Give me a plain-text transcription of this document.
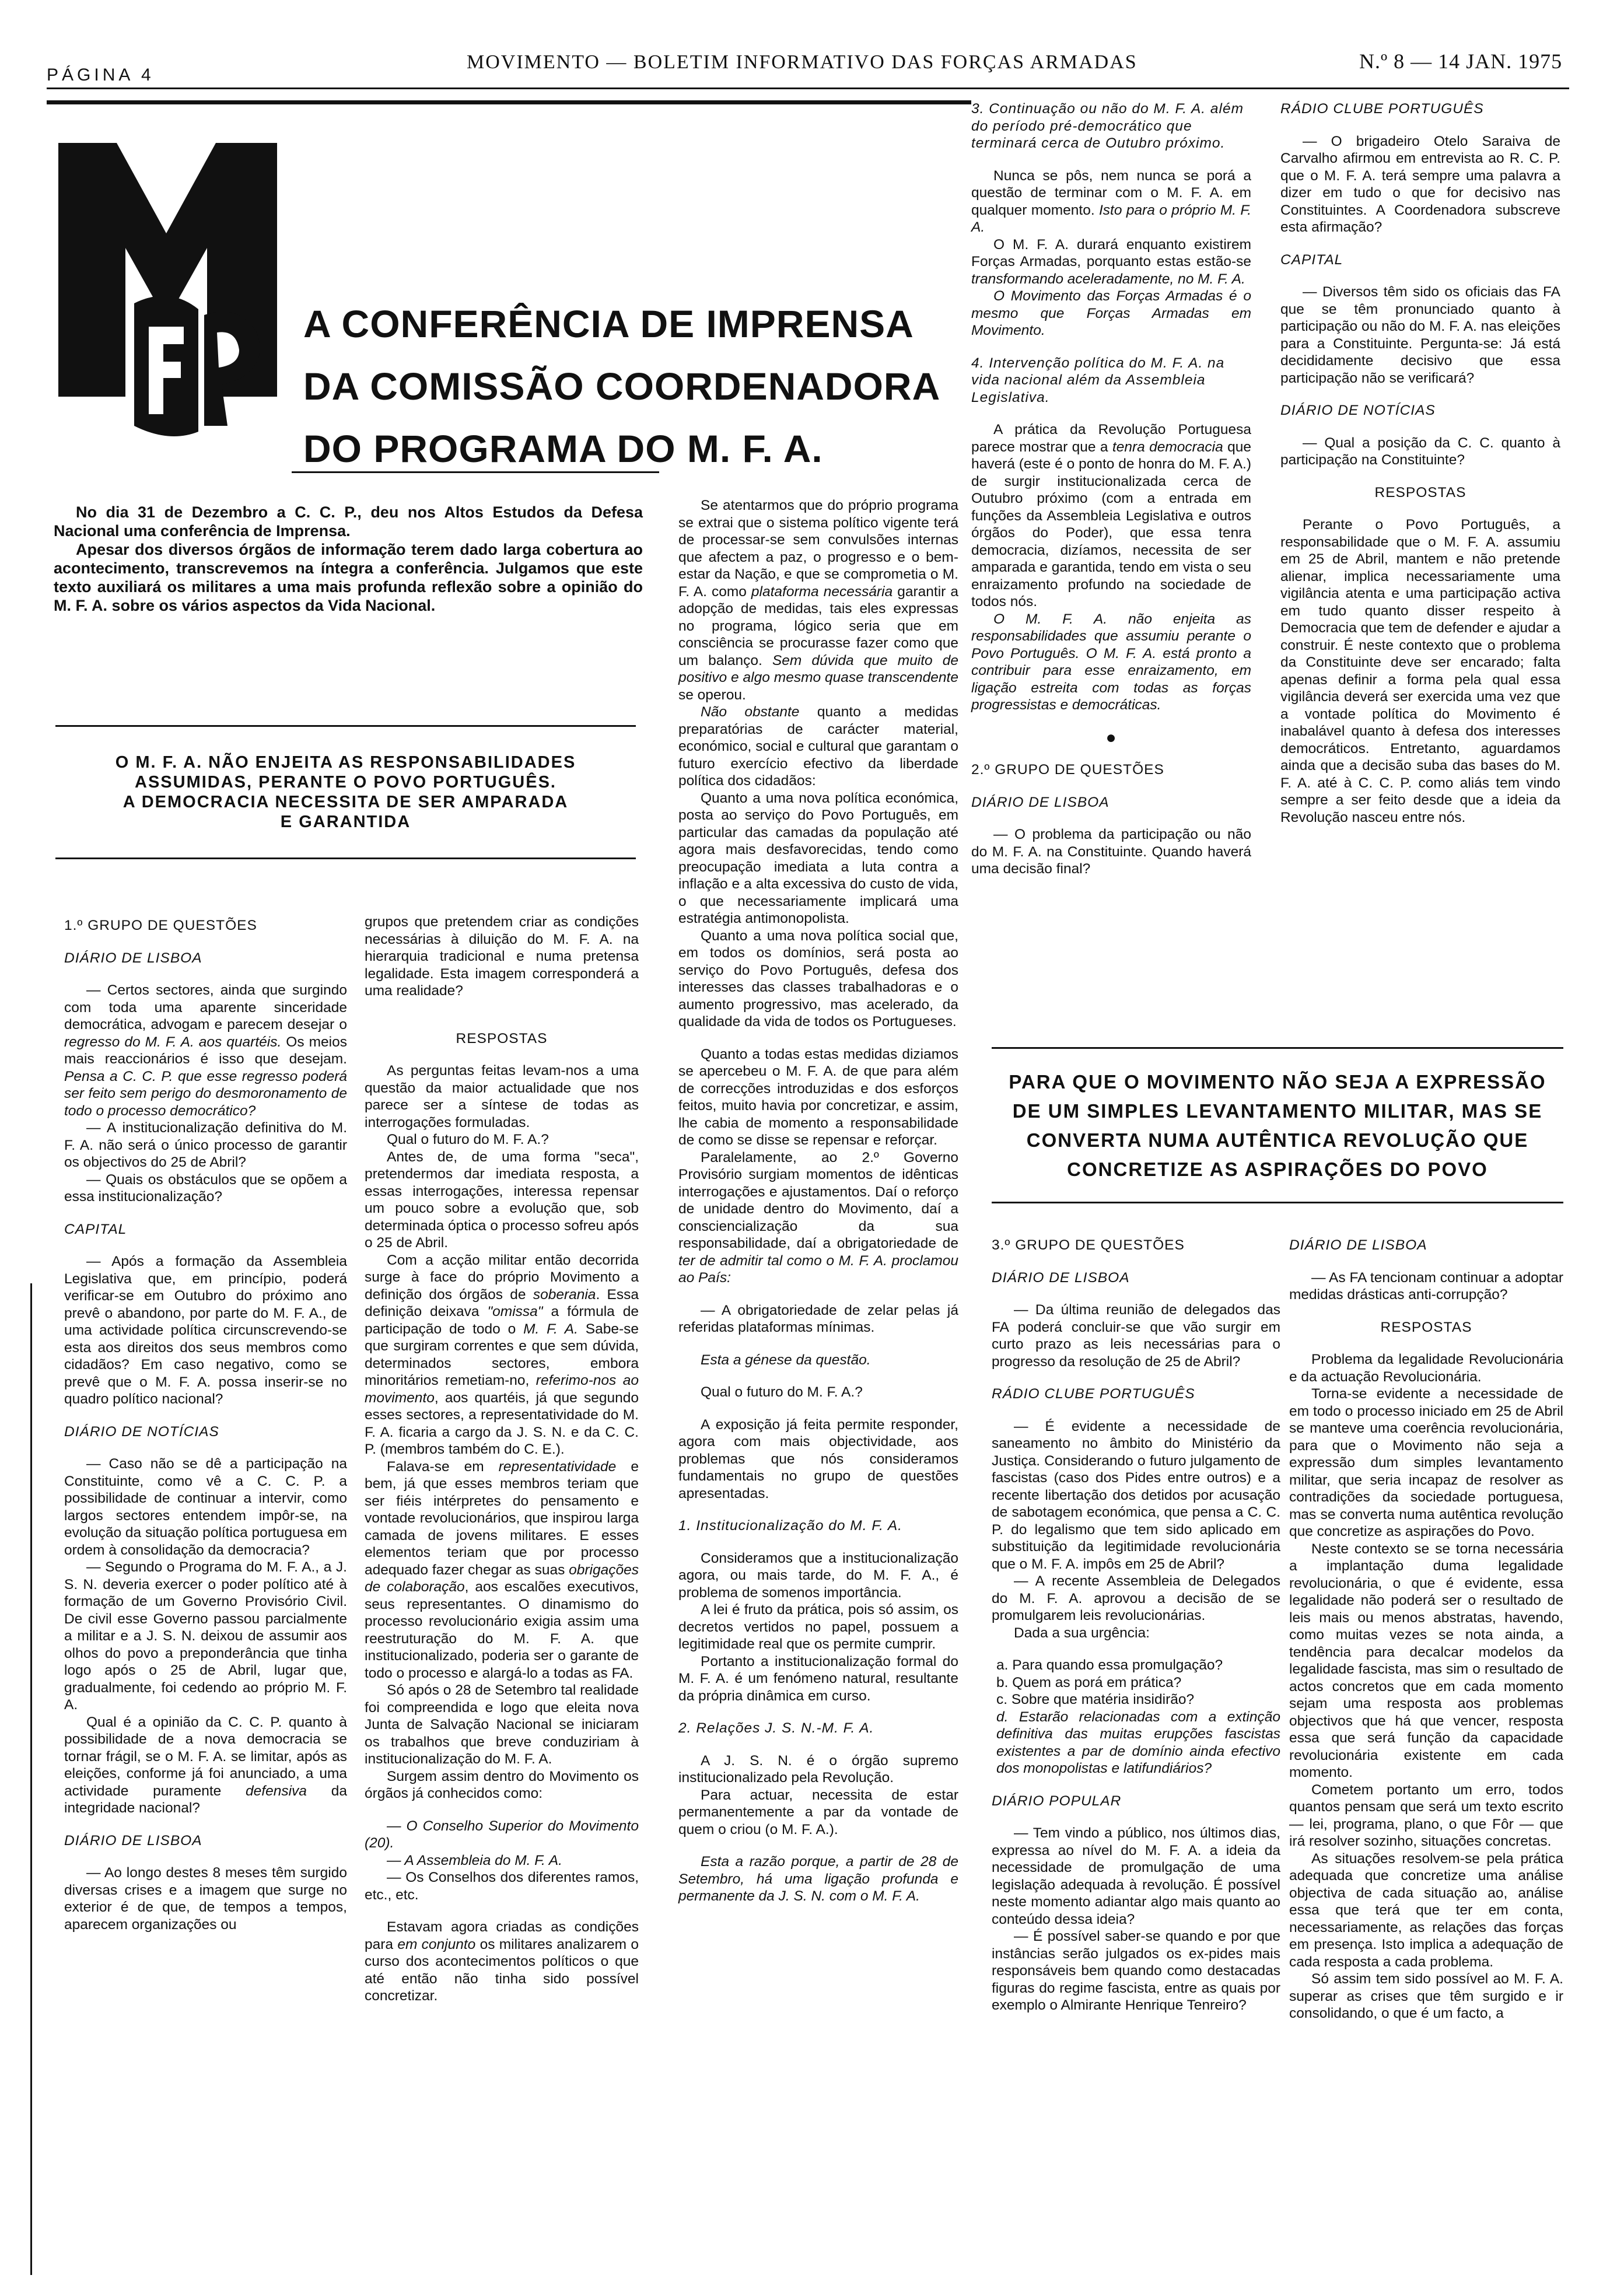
PÁGINA 4
MOVIMENTO — BOLETIM INFORMATIVO DAS FORÇAS ARMADAS	N.º 8 — 14 JAN. 1975
A CONFERÊNCIA DE IMPRENSA
DA COMISSÃO COORDENADORA
DO PROGRAMA DO M. F. A.

No dia 31 de Dezembro a C. C. P., deu nos Altos Estudos da Defesa Nacional uma conferência de Imprensa.

Apesar dos diversos órgãos de informação terem dado larga cobertura ao acontecimento, transcrevemos na íntegra a conferência. Julgamos que este texto auxiliará os militares a uma mais profunda reflexão sobre a opinião do M. F. A. sobre os vários aspectos da Vida Nacional.

O M. F. A. NÃO ENJEITA AS RESPONSABILIDADES
ASSUMIDAS, PERANTE O POVO PORTUGUÊS.
A DEMOCRACIA NECESSITA DE SER AMPARADA
E GARANTIDA

1.º GRUPO DE QUESTÕES

DIÁRIO DE LISBOA

— Certos sectores, ainda que surgindo com toda uma aparente sinceridade democrática, advogam e parecem desejar o regresso do M. F. A. aos quartéis. Os meios mais reaccionários é isso que desejam. Pensa a C. C. P. que esse regresso poderá ser feito sem perigo do desmoronamento de todo o processo democrático?

— A institucionalização definitiva do M. F. A. não será o único processo de garantir os objectivos do 25 de Abril?

— Quais os obstáculos que se opõem a essa institucionalização?

CAPITAL

— Após a formação da Assembleia Legislativa que, em princípio, poderá verificar-se em Outubro do próximo ano prevê o abandono, por parte do M. F. A., de uma actividade política circunscrevendo-se esta aos direitos dos seus membros como cidadãos? Em caso negativo, como se prevê que o M. F. A. possa inserir-se no quadro político nacional?

DIÁRIO DE NOTÍCIAS

— Caso não se dê a participação na Constituinte, como vê a C. C. P. a possibilidade de continuar a intervir, como largos sectores entendem impôr-se, na evolução da situação política portuguesa em ordem à consolidação da democracia?

— Segundo o Programa do M. F. A., a J. S. N. deveria exercer o poder político até à formação de um Governo Provisório Civil. De civil esse Governo passou parcialmente a militar e a J. S. N. deixou de assumir aos olhos do povo a preponderância que tinha logo após o 25 de Abril, lugar que, gradualmente, foi cedendo ao próprio M. F. A.

Qual é a opinião da C. C. P. quanto à possibilidade de a nova democracia se tornar frágil, se o M. F. A. se limitar, após as eleições, conforme já foi anunciado, a uma actividade puramente defensiva da integridade nacional?

DIÁRIO DE LISBOA

— Ao longo destes 8 meses têm surgido diversas crises e a imagem que surge no exterior é de que, de tempos a tempos, aparecem organizações ou

grupos que pretendem criar as condições necessárias à diluição do M. F. A. na hierarquia tradicional e numa pretensa legalidade. Esta imagem corresponderá a uma realidade?

RESPOSTAS

As perguntas feitas levam-nos a uma questão da maior actualidade que nos parece ser a síntese de todas as interrogações formuladas.

Qual o futuro do M. F. A.?

Antes de, de uma forma "seca", pretendermos dar imediata resposta, a essas interrogações, interessa repensar um pouco sobre a evolução que, sob determinada óptica o processo sofreu após o 25 de Abril.

Com a acção militar então decorrida surge à face do próprio Movimento a definição dos órgãos de soberania. Essa definição deixava "omissa" a fórmula de participação de todo o M. F. A. Sabe-se que surgiram correntes e que sem dúvida, determinados sectores, embora minoritários remetiam-no, referimo-nos ao movimento, aos quartéis, já que segundo esses sectores, a representatividade do M. F. A. ficaria a cargo da J. S. N. e da C. C. P. (membros também do C. E.).

Falava-se em representatividade e bem, já que esses membros teriam que ser fiéis intérpretes do pensamento e vontade revolucionários, que inspirou larga camada de jovens militares. E esses elementos teriam que por processo adequado fazer chegar as suas obrigações de colaboração, aos escalões executivos, seus representantes. O dinamismo do processo revolucionário exigia assim uma reestruturação do M. F. A. que institucionalizado, poderia ser o garante de todo o processo e alargá-lo a todas as FA.

Só após o 28 de Setembro tal realidade foi compreendida e logo que eleita nova Junta de Salvação Nacional se iniciaram os trabalhos que breve conduziriam à institucionalização do M. F. A.

Surgem assim dentro do Movimento os órgãos já conhecidos como:

— O Conselho Superior do Movimento (20).

— A Assembleia do M. F. A.

— Os Conselhos dos diferentes ramos, etc., etc.

Estavam agora criadas as condições para em conjunto os militares analizarem o curso dos acontecimentos políticos o que até então não tinha sido possível concretizar.

Se atentarmos que do próprio programa se extrai que o sistema político vigente terá de processar-se sem convulsões internas que afectem a paz, o progresso e o bem-estar da Nação, e que se comprometia o M. F. A. como plataforma necessária garantir a adopção de medidas, tais eles expressas no programa, lógico seria que em consciência se procurasse fazer como que um balanço. Sem dúvida que muito de positivo e algo mesmo quase transcendente se operou.

Não obstante quanto a medidas preparatórias de carácter material, económico, social e cultural que garantam o futuro exercício efectivo da liberdade política dos cidadãos:

Quanto a uma nova política económica, posta ao serviço do Povo Português, em particular das camadas da população até agora mais desfavorecidas, tendo como preocupação imediata a luta contra a inflação e a alta excessiva do custo de vida, o que necessariamente implicará uma estratégia antimonopolista.

Quanto a uma nova política social que, em todos os domínios, será posta ao serviço do Povo Português, defesa dos interesses das classes trabalhadoras e o aumento progressivo, mas acelerado, da qualidade da vida de todos os Portugueses.

Quanto a todas estas medidas diziamos se apercebeu o M. F. A. de que para além de correcções introduzidas e dos esforços feitos, muito havia por concretizar, e assim, lhe cabia de momento a responsabilidade de como se disse se repensar e reforçar.

Paralelamente, ao 2.º Governo Provisório surgiam momentos de idênticas interrogações e ajustamentos. Daí o reforço de unidade dentro do Movimento, daí a consciencialização da sua responsabilidade, daí a obrigatoriedade de ter de admitir tal como o M. F. A. proclamou ao País:

— A obrigatoriedade de zelar pelas já referidas plataformas mínimas.

Esta a génese da questão.

Qual o futuro do M. F. A.?

A exposição já feita permite responder, agora com mais objectividade, aos problemas que nós consideramos fundamentais no grupo de questões apresentadas.

1. Institucionalização do M. F. A.

Consideramos que a institucionalização agora, ou mais tarde, do M. F. A., é problema de somenos importância.

A lei é fruto da prática, pois só assim, os decretos vertidos no papel, possuem a legitimidade real que os permite cumprir.

Portanto a institucionalização formal do M. F. A. é um fenómeno natural, resultante da própria dinâmica em curso.

2. Relações J. S. N.-M. F. A.

A J. S. N. é o órgão supremo institucionalizado pela Revolução.

Para actuar, necessita de estar permanentemente a par da vontade de quem o criou (o M. F. A.).

Esta a razão porque, a partir de 28 de Setembro, há uma ligação profunda e permanente da J. S. N. com o M. F. A.

3. Continuação ou não do M. F. A. além do período pré-democrático que terminará cerca de Outubro próximo.

Nunca se pôs, nem nunca se porá a questão de terminar com o M. F. A. em qualquer momento. Isto para o próprio M. F. A.

O M. F. A. durará enquanto existirem Forças Armadas, porquanto estas estão-se transformando aceleradamente, no M. F. A.

O Movimento das Forças Armadas é o mesmo que Forças Armadas em Movimento.

4. Intervenção política do M. F. A. na vida nacional além da Assembleia Legislativa.

A prática da Revolução Portuguesa parece mostrar que a tenra democracia que haverá (este é o ponto de honra do M. F. A.) de surgir institucionalizada cerca de Outubro próximo (com a entrada em funções da Assembleia Legislativa e outros órgãos do Poder), que essa tenra democracia, dizíamos, necessita de ser amparada e garantida, tendo em vista o seu enraizamento profundo na sociedade de todos nós.

O M. F. A. não enjeita as responsabilidades que assumiu perante o Povo Português. O M. F. A. está pronto a contribuir para esse enraizamento, em ligação estreita com todas as forças progressistas e democráticas.

●

2.º GRUPO DE QUESTÕES

DIÁRIO DE LISBOA

— O problema da participação ou não do M. F. A. na Constituinte. Quando haverá uma decisão final?

RÁDIO CLUBE PORTUGUÊS

— O brigadeiro Otelo Saraiva de Carvalho afirmou em entrevista ao R. C. P. que o M. F. A. terá sempre uma palavra a dizer em tudo o que for decisivo nas Constituintes. A Coordenadora subscreve esta afirmação?

CAPITAL

— Diversos têm sido os oficiais das FA que se têm pronunciado quanto à participação ou não do M. F. A. nas eleições para a Constituinte. Pergunta-se: Já está decididamente decisivo que essa participação não se verificará?

DIÁRIO DE NOTÍCIAS

— Qual a posição da C. C. quanto à participação na Constituinte?

RESPOSTAS

Perante o Povo Português, a responsabilidade que o M. F. A. assumiu em 25 de Abril, mantem e não pretende alienar, implica necessariamente uma vigilância atenta e uma participação activa em tudo quanto disser respeito à Democracia que tem de defender e ajudar a construir. É neste contexto que o problema da Constituinte deve ser encarado; falta apenas definir a forma pela qual essa vigilância deverá ser exercida uma vez que a vontade política do Movimento é inabalável quanto à defesa dos interesses democráticos. Entretanto, aguardamos ainda que a decisão suba das bases do M. F. A. até à C. C. P. como aliás tem vindo sempre a ser feito desde que a ideia da Revolução nasceu entre nós.

PARA QUE O MOVIMENTO NÃO SEJA A EXPRESSÃO
DE UM SIMPLES LEVANTAMENTO MILITAR, MAS SE
CONVERTA NUMA AUTÊNTICA REVOLUÇÃO QUE
CONCRETIZE AS ASPIRAÇÕES DO POVO

3.º GRUPO DE QUESTÕES

DIÁRIO DE LISBOA

— Da última reunião de delegados das FA poderá concluir-se que vão surgir em curto prazo as leis necessárias para o progresso da resolução de 25 de Abril?

RÁDIO CLUBE PORTUGUÊS

— É evidente a necessidade de saneamento no âmbito do Ministério da Justiça. Considerando o futuro julgamento de fascistas (caso dos Pides entre outros) e a recente libertação dos detidos por acusação de sabotagem económica, que pensa a C. C. P. do legalismo que tem sido aplicado em substituição da legitimidade revolucionária que o M. F. A. impôs em 25 de Abril?

— A recente Assembleia de Delegados do M. F. A. aprovou a decisão de se promulgarem leis revolucionárias.

Dada a sua urgência:

a. Para quando essa promulgação?

b. Quem as porá em prática?

c. Sobre que matéria insidirão?

d. Estarão relacionadas com a extinção definitiva das muitas erupções fascistas existentes a par de domínio ainda efectivo dos monopolistas e latifundiários?

DIÁRIO POPULAR

— Tem vindo a público, nos últimos dias, expressa ao nível do M. F. A. a ideia da necessidade de promulgação de uma legislação adequada à revolução. É possível neste momento adiantar algo mais quanto ao conteúdo dessa ideia?

— É possível saber-se quando e por que instâncias serão julgados os ex-pides mais responsáveis bem quando como destacadas figuras do regime fascista, entre as quais por exemplo o Almirante Henrique Tenreiro?

DIÁRIO DE LISBOA

— As FA tencionam continuar a adoptar medidas drásticas anti-corrupção?

RESPOSTAS

Problema da legalidade Revolucionária e da actuação Revolucionária.

Torna-se evidente a necessidade de em todo o processo iniciado em 25 de Abril se manteve uma coerência revolucionária, para que o Movimento não seja a expressão dum simples levantamento militar, que seria incapaz de resolver as contradições da sociedade portuguesa, mas se converta numa autêntica revolução que concretize as aspirações do Povo.

Neste contexto se se torna necessária a implantação duma legalidade revolucionária, o que é evidente, essa legalidade não poderá ser o resultado de leis mais ou menos abstratas, havendo, como muitas vezes se nota ainda, a tendência para decalcar modelos da legalidade fascista, mas sim o resultado de actos concretos que em cada momento sejam uma resposta aos problemas objectivos que há que vencer, resposta essa que será função da capacidade revolucionária existente em cada momento.

Cometem portanto um erro, todos quantos pensam que será um texto escrito — lei, programa, plano, o que Fôr — que irá resolver sozinho, situações concretas.

As situações resolvem-se pela prática adequada que concretize uma análise objectiva de cada situação ao, análise essa que terá que ter em conta, necessariamente, as relações das forças em presença. Isto implica a adequação de cada resposta a cada problema.

Só assim tem sido possível ao M. F. A. superar as crises que têm surgido e ir consolidando, o que é um facto, a
